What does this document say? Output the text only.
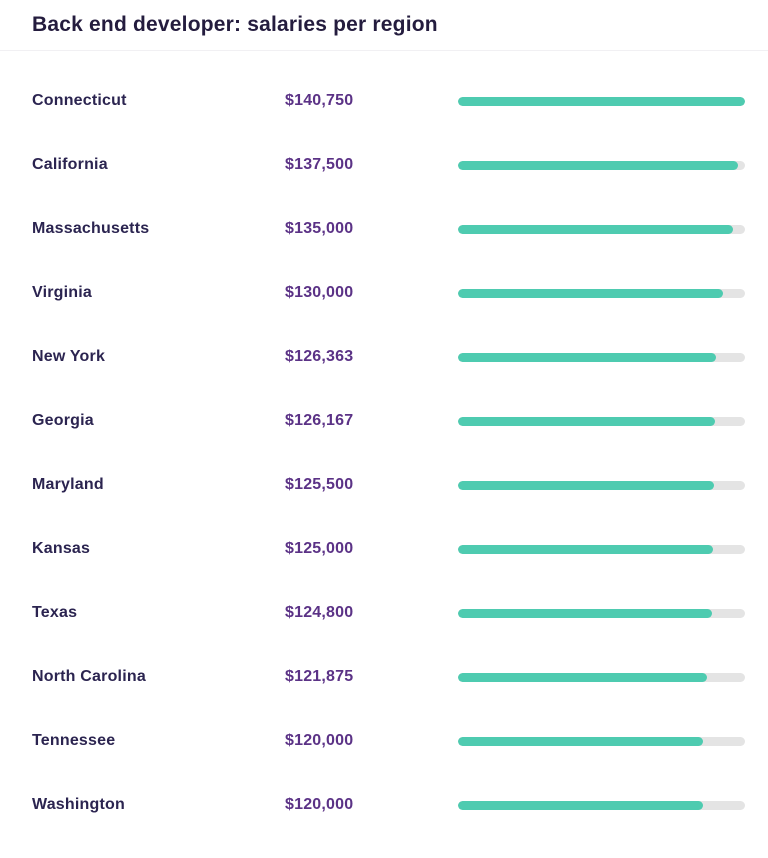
Back end developer: salaries per region
Connecticut	$140,750
California	$137,500
Massachusetts	$135,000
Virginia	$130,000
New York	$126,363
Georgia	$126,167
Maryland	$125,500
Kansas	$125,000
Texas	$124,800
North Carolina	$121,875
Tennessee	$120,000
Washington	$120,000
